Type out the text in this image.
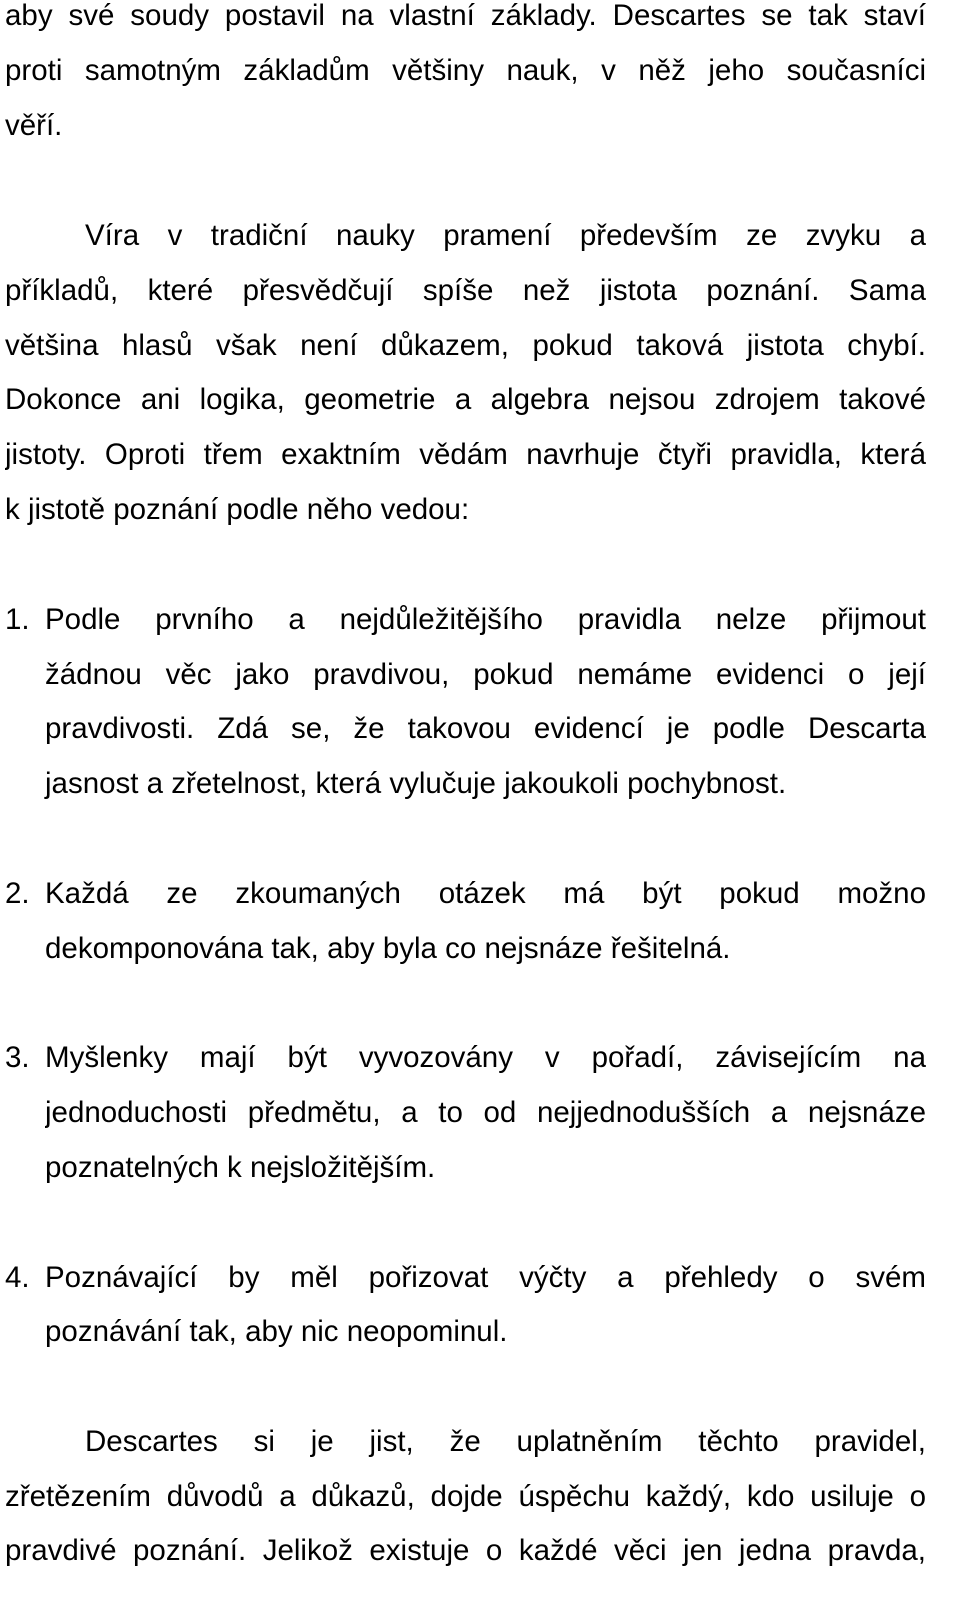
aby své soudy postavil na vlastní základy. Descartes se tak staví
proti samotným základům většiny nauk, v něž jeho současníci
věří.
Víra v tradiční nauky pramení především ze zvyku a
příkladů, které přesvědčují spíše než jistota poznání. Sama
většina hlasů však není důkazem, pokud taková jistota chybí.
Dokonce ani logika, geometrie a algebra nejsou zdrojem takové
jistoty. Oproti třem exaktním vědám navrhuje čtyři pravidla, která
k jistotě poznání podle něho vedou:
1. Podle prvního a nejdůležitějšího pravidla nelze přijmout
žádnou věc jako pravdivou, pokud nemáme evidenci o její
pravdivosti. Zdá se, že takovou evidencí je podle Descarta
jasnost a zřetelnost, která vylučuje jakoukoli pochybnost.
2. Každá ze zkoumaných otázek má být pokud možno
dekomponována tak, aby byla co nejsnáze řešitelná.
3. Myšlenky mají být vyvozovány v pořadí, závisejícím na
jednoduchosti předmětu, a to od nejjednodušších a nejsnáze
poznatelných k nejsložitějším.
4. Poznávající by měl pořizovat výčty a přehledy o svém
poznávání tak, aby nic neopominul.
Descartes si je jist, že uplatněním těchto pravidel,
zřetězením důvodů a důkazů, dojde úspěchu každý, kdo usiluje o
pravdivé poznání. Jelikož existuje o každé věci jen jedna pravda,
